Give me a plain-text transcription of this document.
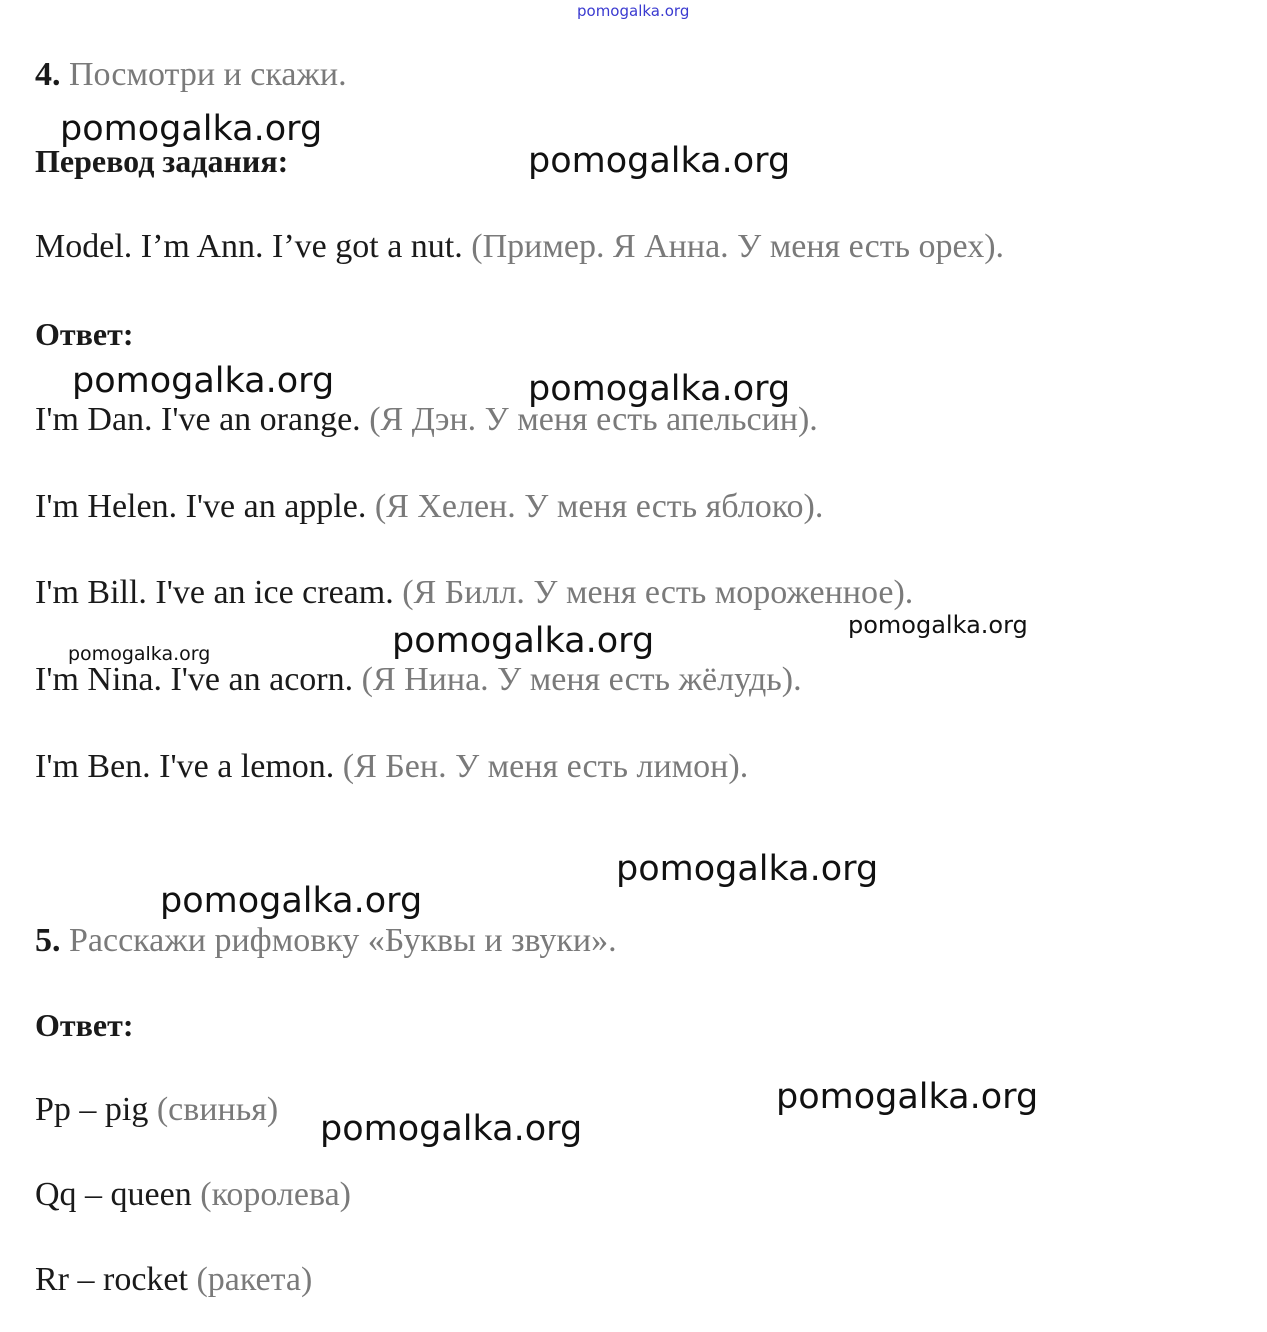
pomogalka.org
4. Посмотри и скажи.
Перевод задания:
Model. I’m Ann. I’ve got a nut. (Пример. Я Анна. У меня есть орех).
Ответ:
I'm Dan. I've an orange. (Я Дэн. У меня есть апельсин).
I'm Helen. I've an apple. (Я Хелен. У меня есть яблоко).
I'm Bill. I've an ice cream. (Я Билл. У меня есть мороженное).
I'm Nina. I've an acorn. (Я Нина. У меня есть жёлудь).
I'm Ben. I've a lemon. (Я Бен. У меня есть лимон).
5. Расскажи рифмовку «Буквы и звуки».
Ответ:
Pp – pig (свинья)
Qq – queen (королева)
Rr – rocket (ракета)
pomogalka.org
pomogalka.org
pomogalka.org	pomogalka.org
pomogalka.org	pomogalka.org
pomogalka.org
pomogalka.org
pomogalka.org
pomogalka.org
pomogalka.org
